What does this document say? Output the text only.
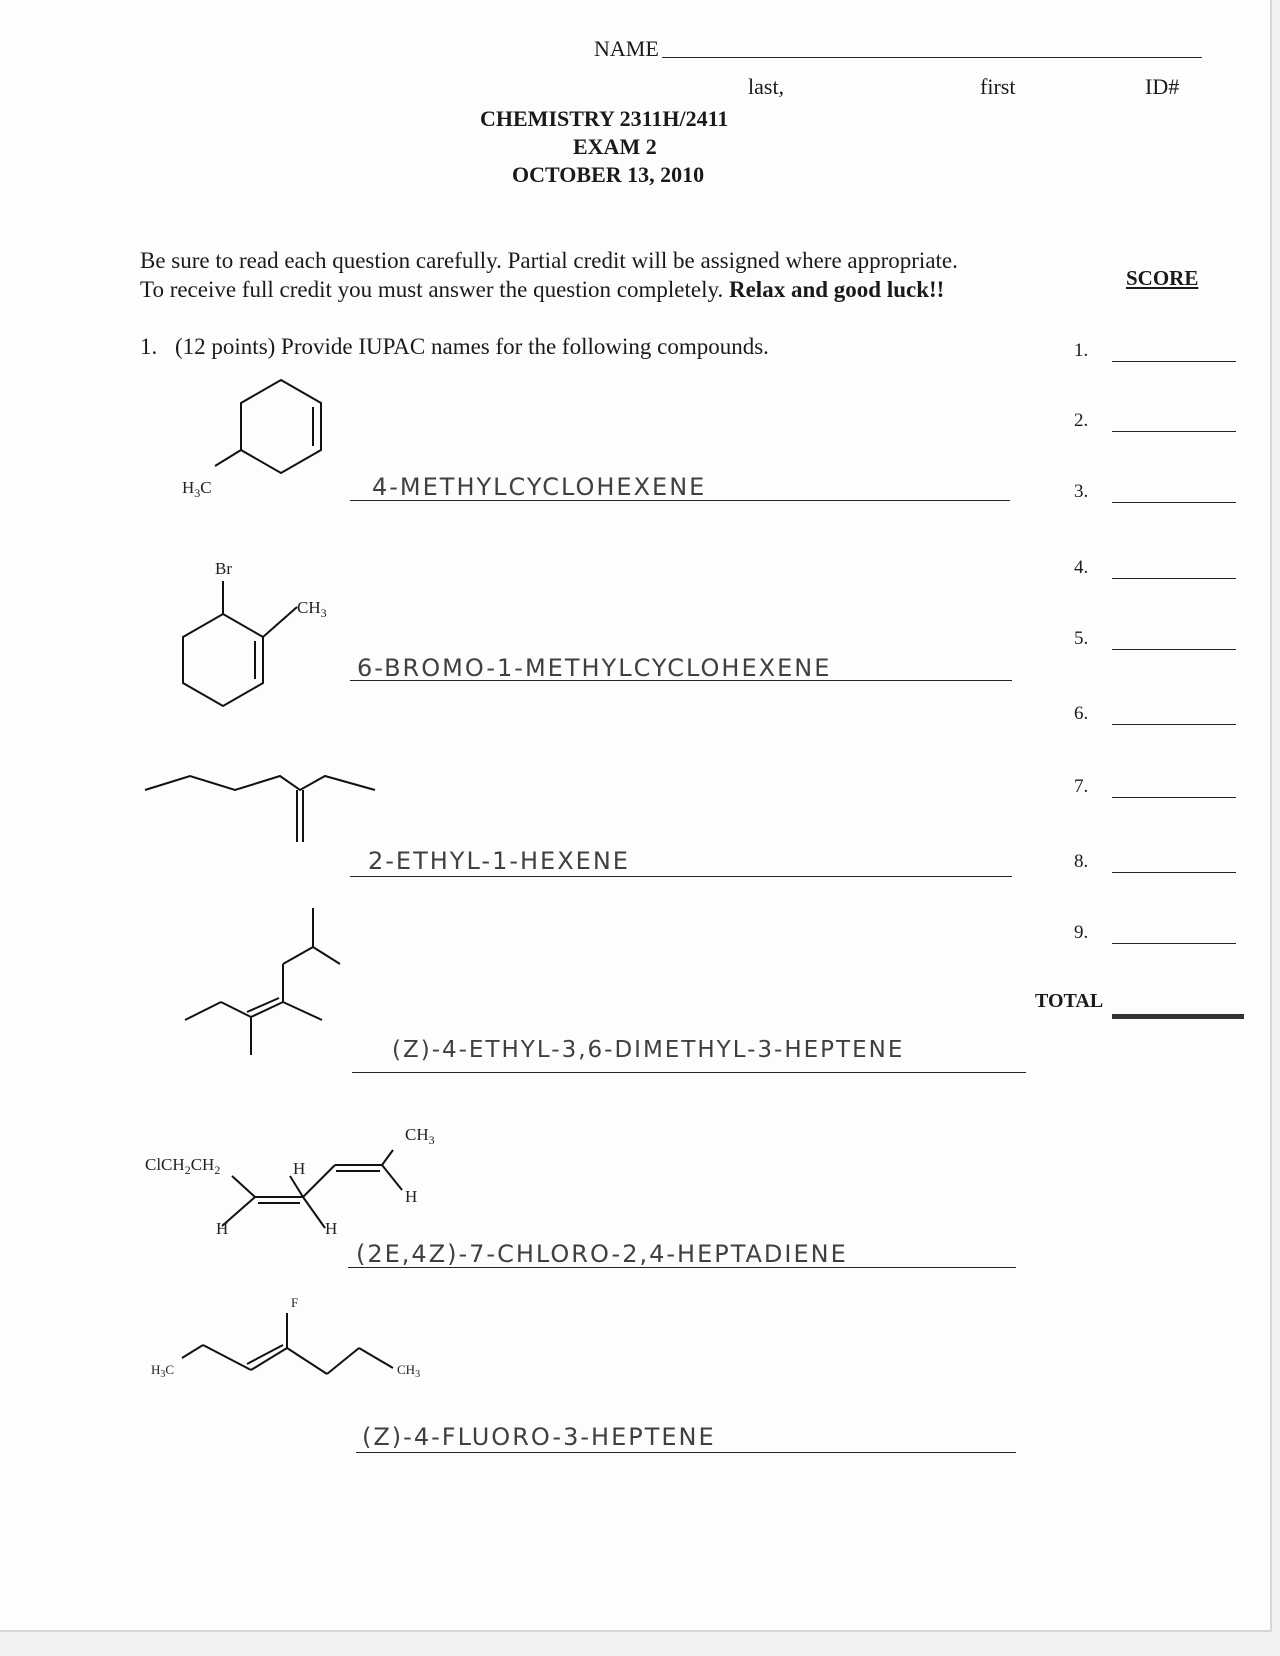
NAME
last,	first	ID#
CHEMISTRY 2311H/2411
EXAM 2
OCTOBER 13, 2010
Be sure to read each question carefully. Partial credit will be assigned where appropriate.
To receive full credit you must answer the question completely. Relax and good luck!!	SCORE
1.
2.
3.
4.
5.
6.
7.
8.
9.
TOTAL
1. (12 points) Provide IUPAC names for the following compounds.
$H_3C$	4-METHYLCYCLOHEXENE
Br
$CH_3$
6-BROMO-1-METHYLCYCLOHEXENE
2-ETHYL-1-HEXENE
(Z)-4-ETHYL-3,6-DIMETHYL-3-HEPTENE
$ClCH_2CH_2$
H
H
H
$CH_3$
H
(2E,4Z)-7-CHLORO-2,4-HEPTADIENE
F
$H_3C$	$CH_3$
(Z)-4-FLUORO-3-HEPTENE
